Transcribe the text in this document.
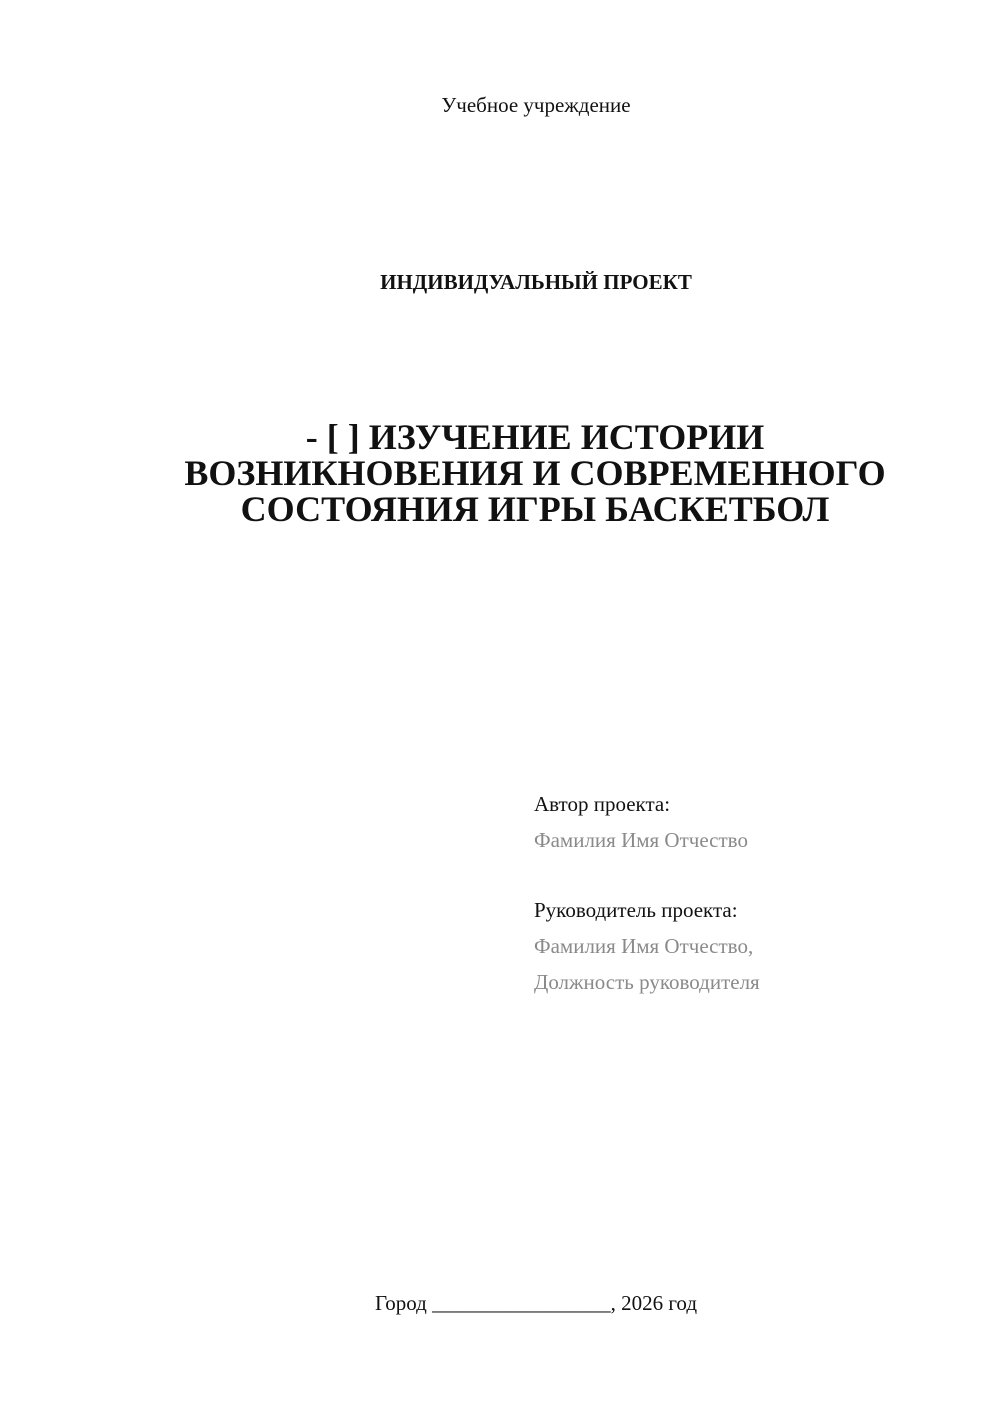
Учебное учреждение
ИНДИВИДУАЛЬНЫЙ ПРОЕКТ
- [ ] ИЗУЧЕНИЕ ИСТОРИИ
ВОЗНИКНОВЕНИЯ И СОВРЕМЕННОГО
СОСТОЯНИЯ ИГРЫ БАСКЕТБОЛ
Автор проекта:
Фамилия Имя Отчество
Руководитель проекта:
Фамилия Имя Отчество,
Должность руководителя
Город _________________, 2026 год
